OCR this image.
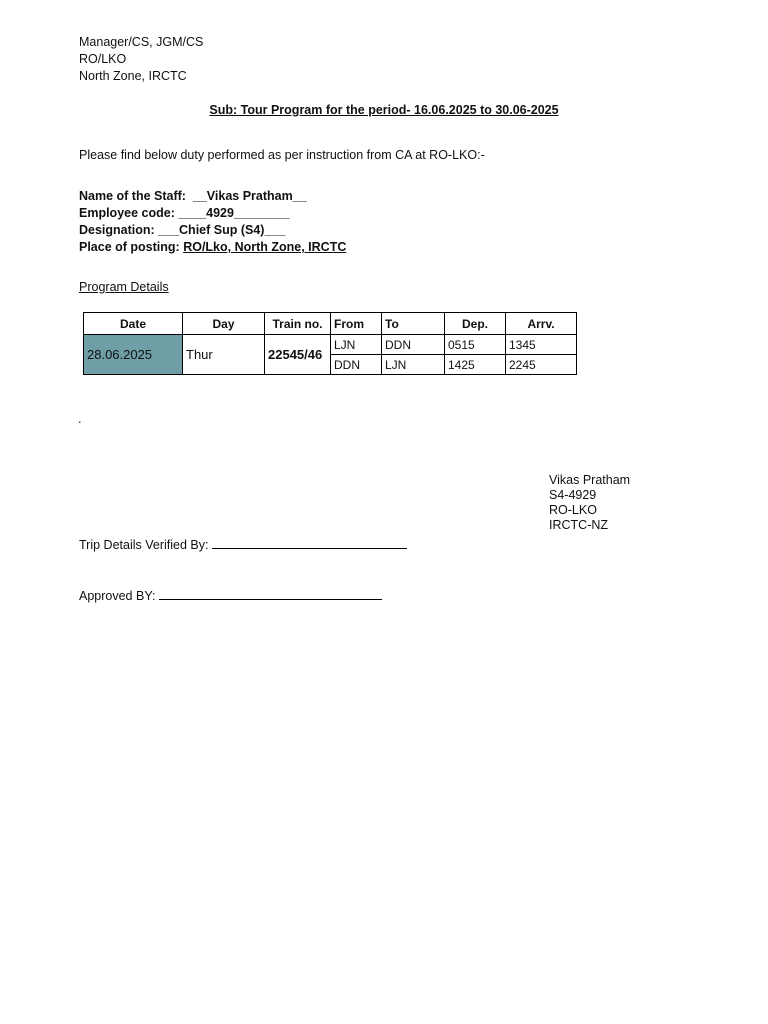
Manager/CS, JGM/CS
RO/LKO
North Zone, IRCTC
Sub: Tour Program for the period- 16.06.2025 to 30.06-2025
Please find below duty performed as per instruction from CA at RO-LKO:-
Name of the Staff:  __Vikas Pratham__
Employee code: ____4929________
Designation: ___Chief Sup (S4)___
Place of posting: RO/Lko, North Zone, IRCTC
Program Details
Date	Day	Train no.	From	To	Dep.	Arrv.
28.06.2025	Thur	22545/46	LJN	DDN	0515	1345
			DDN	LJN	1425	2245
.
Vikas Pratham
S4-4929
RO-LKO
IRCTC-NZ
Trip Details Verified By:
Approved BY:
